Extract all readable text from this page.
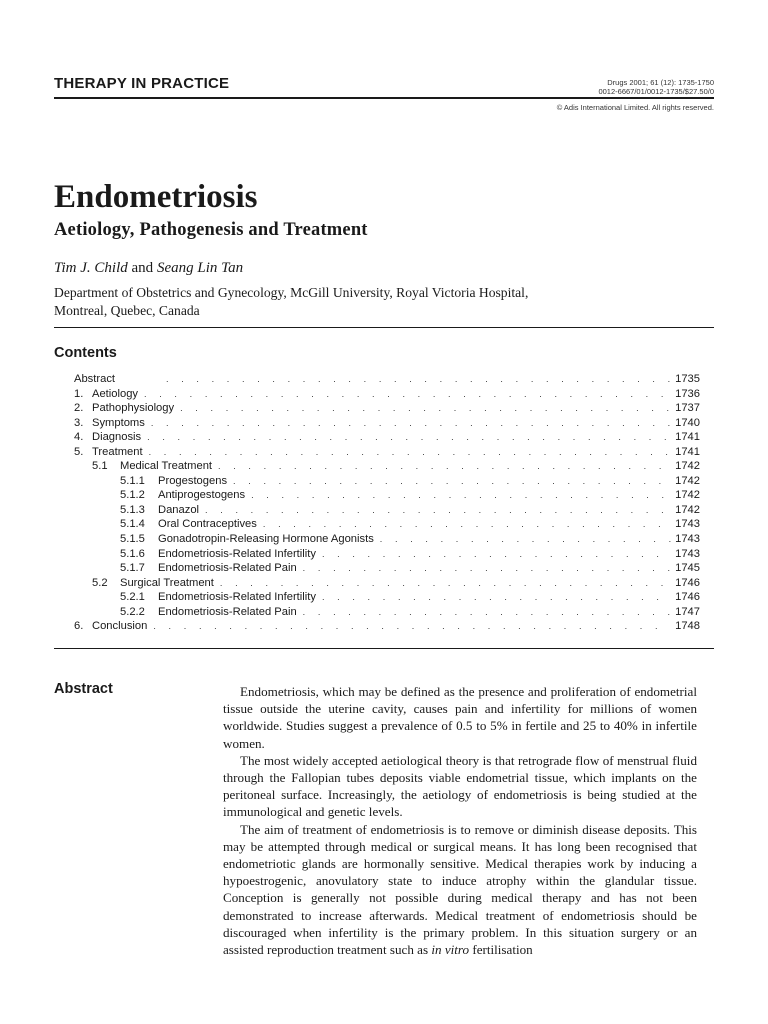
THERAPY IN PRACTICE	Drugs 2001; 61 (12): 1735-1750
0012-6667/01/0012-1735/$27.50/0
© Adis International Limited. All rights reserved.
Endometriosis
Aetiology, Pathogenesis and Treatment
Tim J. Child and Seang Lin Tan
Department of Obstetrics and Gynecology, McGill University, Royal Victoria Hospital,
Montreal, Quebec, Canada
Contents
Abstract . . .	1735
1. Aetiology . . .	1736
2. Pathophysiology . . .	1737
3. Symptoms . . .	1740
4. Diagnosis . . .	1741
5. Treatment . . .	1741
5.1	Medical Treatment . . .	1742
5.1.1	Progestogens . . .	1742
5.1.2	Antiprogestogens . . .	1742
5.1.3	Danazol . . .	1742
5.1.4	Oral Contraceptives . . .	1743
5.1.5	Gonadotropin-Releasing Hormone Agonists . . .	1743
5.1.6	Endometriosis-Related Infertility . . .	1743
5.1.7	Endometriosis-Related Pain . . .	1745
5.2	Surgical Treatment . . .	1746
5.2.1	Endometriosis-Related Infertility . . .	1746
5.2.2	Endometriosis-Related Pain . . .	1747
6. Conclusion . . .	1748
Abstract	Endometriosis, which may be defined as the presence and proliferation of endometrial tissue outside the uterine cavity, causes pain and infertility for millions of women worldwide. Studies suggest a prevalence of 0.5 to 5% in fertile and 25 to 40% in infertile women.

The most widely accepted aetiological theory is that retrograde flow of menstrual fluid through the Fallopian tubes deposits viable endometrial tissue, which implants on the peritoneal surface. Increasingly, the aetiology of endometriosis is being studied at the immunological and genetic levels.

The aim of treatment of endometriosis is to remove or diminish disease deposits. This may be attempted through medical or surgical means. It has long been recognised that endometriotic glands are hormonally sensitive. Medical therapies work by inducing a hypoestrogenic, anovulatory state to induce atrophy within the glandular tissue. Conception is generally not possible during medical therapy and has not been demonstrated to increase afterwards. Medical treatment of endometriosis should be discouraged when infertility is the primary problem. In this situation surgery or an assisted reproduction treatment such as in vitro fertilisation
